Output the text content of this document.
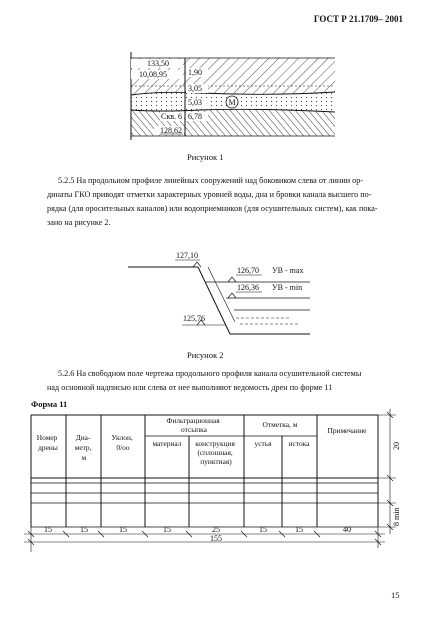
ГОСТ Р 21.1709– 2001
133,50
10,08,95	1,90
3,05
5,03	М
Скв. 6 6,78
128,62
Рисунок 1
5.2.5 На продольном профиле линейных сооружений над боковиком слева от линии ор-
динаты ГКО приводят отметки характерных уровней воды, дна и бровки канала высшего по-
рядка (для оросительных каналов) или водоприемников (для осушительных систем), как пока-
зано на рисунке 2.
127,10
126,70 УВ - max
126,36 УВ - min
125,76
Рисунок 2
5.2.6 На свободном поле чертежа продольного профиля канала осушительной системы
над основной надписью или слева от нее выполняют ведомость дрен по форме 11
Форма 11
Номер дрены
Диа- метр, м
Уклон, 0/оо
Фильтрационная отсыпка
материал конструкция (сплошная, пунктиая)
Отметка, м
устья истока
Примечание
20
8 min
15	15	15	15	25	15	15	40
155
15
